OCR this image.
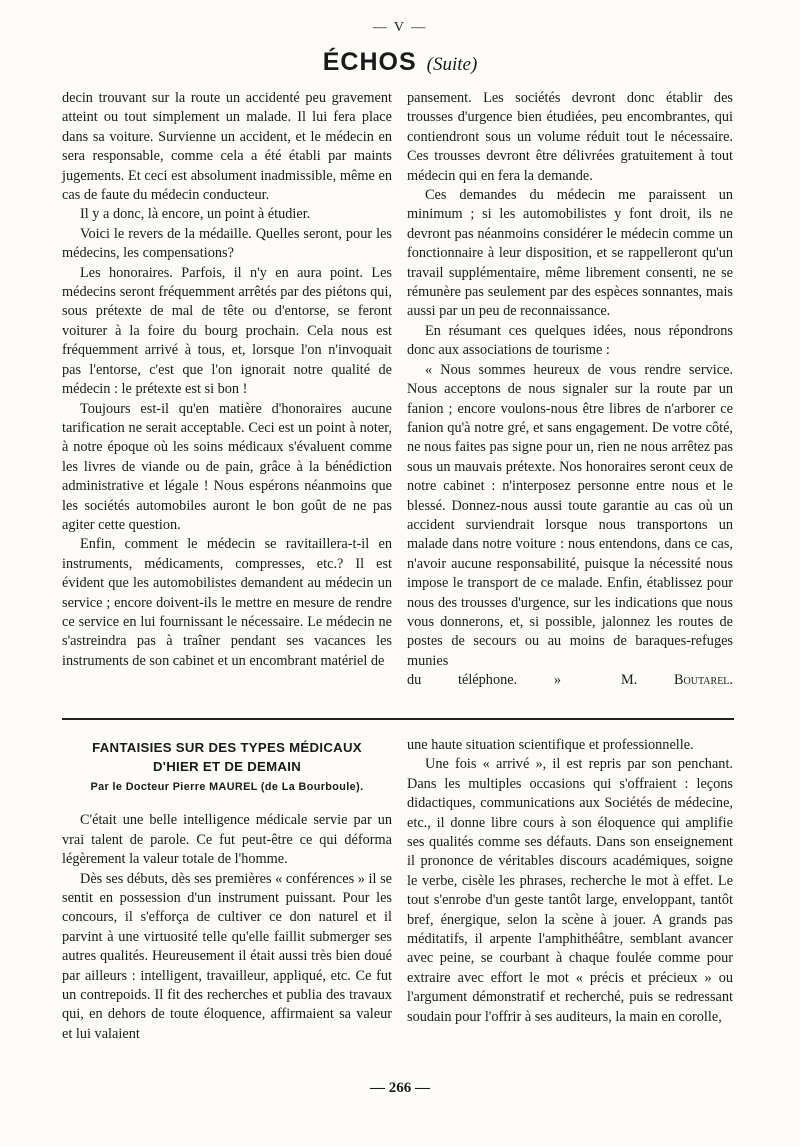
— V —
ÉCHOS (Suite)

decin trouvant sur la route un accidenté peu gravement atteint ou tout simplement un malade. Il lui fera place dans sa voiture. Survienne un accident, et le médecin en sera responsable, comme cela a été établi par maints jugements. Et ceci est absolument inadmissible, même en cas de faute du médecin conducteur.

Il y a donc, là encore, un point à étudier.

Voici le revers de la médaille. Quelles seront, pour les médecins, les compensations?

Les honoraires. Parfois, il n'y en aura point. Les médecins seront fréquemment arrêtés par des piétons qui, sous prétexte de mal de tête ou d'entorse, se feront voiturer à la foire du bourg prochain. Cela nous est fréquemment arrivé à tous, et, lorsque l'on n'invoquait pas l'entorse, c'est que l'on ignorait notre qualité de médecin : le prétexte est si bon !

Toujours est-il qu'en matière d'honoraires aucune tarification ne serait acceptable. Ceci est un point à noter, à notre époque où les soins médicaux s'évaluent comme les livres de viande ou de pain, grâce à la bénédiction administrative et légale ! Nous espérons néanmoins que les sociétés automobiles auront le bon goût de ne pas agiter cette question.

Enfin, comment le médecin se ravitaillera-t-il en instruments, médicaments, compresses, etc.? Il est évident que les automobilistes demandent au médecin un service ; encore doivent-ils le mettre en mesure de rendre ce service en lui fournissant le nécessaire. Le médecin ne s'astreindra pas à traîner pendant ses vacances les instruments de son cabinet et un encombrant matériel de

pansement. Les sociétés devront donc établir des trousses d'urgence bien étudiées, peu encombrantes, qui contiendront sous un volume réduit tout le nécessaire. Ces trousses devront être délivrées gratuitement à tout médecin qui en fera la demande.

Ces demandes du médecin me paraissent un minimum ; si les automobilistes y font droit, ils ne devront pas néanmoins considérer le médecin comme un fonctionnaire à leur disposition, et se rappelleront qu'un travail supplémentaire, même librement consenti, ne se rémunère pas seulement par des espèces sonnantes, mais aussi par un peu de reconnaissance.

En résumant ces quelques idées, nous répondrons donc aux associations de tourisme :

« Nous sommes heureux de vous rendre service. Nous acceptons de nous signaler sur la route par un fanion ; encore voulons-nous être libres de n'arborer ce fanion qu'à notre gré, et sans engagement. De votre côté, ne nous faites pas signe pour un, rien ne nous arrêtez pas sous un mauvais prétexte. Nos honoraires seront ceux de notre cabinet : n'interposez personne entre nous et le blessé. Donnez-nous aussi toute garantie au cas où un accident surviendrait lorsque nous transportons un malade dans notre voiture : nous entendons, dans ce cas, n'avoir aucune responsabilité, puisque la nécessité nous impose le transport de ce malade. Enfin, établissez pour nous des trousses d'urgence, sur les indications que nous vous donnerons, et, si possible, jalonnez les routes de postes de secours ou au moins de baraques-refuges munies

du téléphone. »	M. Boutarel.
FANTAISIES SUR DES TYPES MÉDICAUX
D'HIER ET DE DEMAIN
Par le Docteur Pierre MAUREL (de La Bourboule).

C'était une belle intelligence médicale servie par un vrai talent de parole. Ce fut peut-être ce qui déforma légèrement la valeur totale de l'homme.

Dès ses débuts, dès ses premières « conférences » il se sentit en possession d'un instrument puissant. Pour les concours, il s'efforça de cultiver ce don naturel et il parvint à une virtuosité telle qu'elle faillit submerger ses autres qualités. Heureusement il était aussi très bien doué par ailleurs : intelligent, travailleur, appliqué, etc. Ce fut un contrepoids. Il fit des recherches et publia des travaux qui, en dehors de toute éloquence, affirmaient sa valeur et lui valaient

une haute situation scientifique et professionnelle.

Une fois « arrivé », il est repris par son penchant. Dans les multiples occasions qui s'offraient : leçons didactiques, communications aux Sociétés de médecine, etc., il donne libre cours à son éloquence qui amplifie ses qualités comme ses défauts. Dans son enseignement il prononce de véritables discours académiques, soigne le verbe, cisèle les phrases, recherche le mot à effet. Le tout s'enrobe d'un geste tantôt large, enveloppant, tantôt bref, énergique, selon la scène à jouer. A grands pas méditatifs, il arpente l'amphithéâtre, semblant avancer avec peine, se courbant à chaque foulée comme pour extraire avec effort le mot « précis et précieux » ou l'argument démonstratif et recherché, puis se redressant soudain pour l'offrir à ses auditeurs, la main en corolle,

— 266 —
